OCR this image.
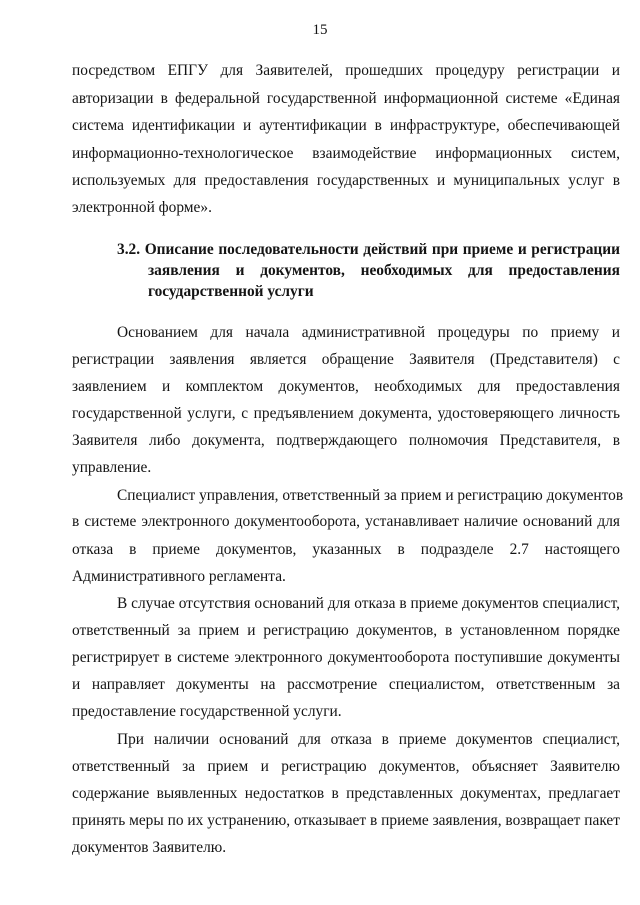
15
посредством ЕПГУ для Заявителей, прошедших процедуру регистрации и
авторизации в федеральной государственной информационной системе «Единая
система идентификации и аутентификации в инфраструктуре, обеспечивающей
информационно-технологическое взаимодействие информационных систем,
используемых для предоставления государственных и муниципальных услуг в
электронной форме».
3.2. Описание последовательности действий при приеме и регистрации
заявления и документов, необходимых для предоставления
государственной услуги
Основанием для начала административной процедуры по приему и
регистрации заявления является обращение Заявителя (Представителя) с
заявлением и комплектом документов, необходимых для предоставления
государственной услуги, с предъявлением документа, удостоверяющего личность
Заявителя либо документа, подтверждающего полномочия Представителя, в
управление.
Специалист управления, ответственный за прием и регистрацию документов
в системе электронного документооборота, устанавливает наличие оснований для
отказа в приеме документов, указанных в подразделе 2.7 настоящего
Административного регламента.
В случае отсутствия оснований для отказа в приеме документов специалист,
ответственный за прием и регистрацию документов, в установленном порядке
регистрирует в системе электронного документооборота поступившие документы
и направляет документы на рассмотрение специалистом, ответственным за
предоставление государственной услуги.
При наличии оснований для отказа в приеме документов специалист,
ответственный за прием и регистрацию документов, объясняет Заявителю
содержание выявленных недостатков в представленных документах, предлагает
принять меры по их устранению, отказывает в приеме заявления, возвращает пакет
документов Заявителю.
